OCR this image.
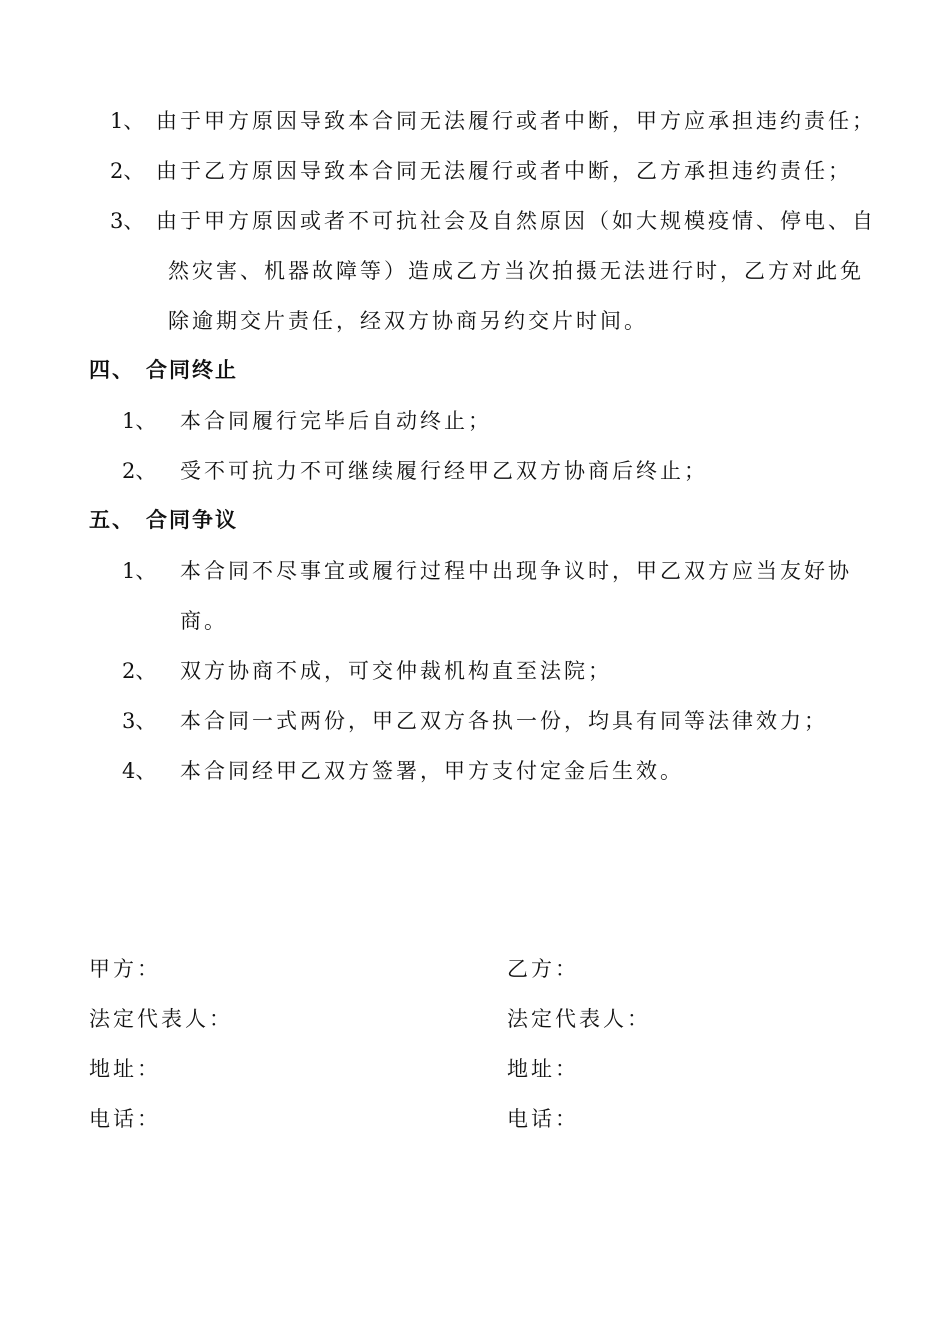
1、 由于甲方原因导致本合同无法履行或者中断，甲方应承担违约责任；
2、 由于乙方原因导致本合同无法履行或者中断，乙方承担违约责任；
3、 由于甲方原因或者不可抗社会及自然原因（如大规模疫情、停电、自
然灾害、机器故障等）造成乙方当次拍摄无法进行时，乙方对此免
除逾期交片责任，经双方协商另约交片时间。
四、 合同终止
1、 本合同履行完毕后自动终止；
2、 受不可抗力不可继续履行经甲乙双方协商后终止；
五、 合同争议
1、 本合同不尽事宜或履行过程中出现争议时，甲乙双方应当友好协
商。
2、 双方协商不成，可交仲裁机构直至法院；
3、 本合同一式两份，甲乙双方各执一份，均具有同等法律效力；
4、 本合同经甲乙双方签署，甲方支付定金后生效。
甲方：
法定代表人：
地址：
电话：
乙方：
法定代表人：
地址：
电话：
